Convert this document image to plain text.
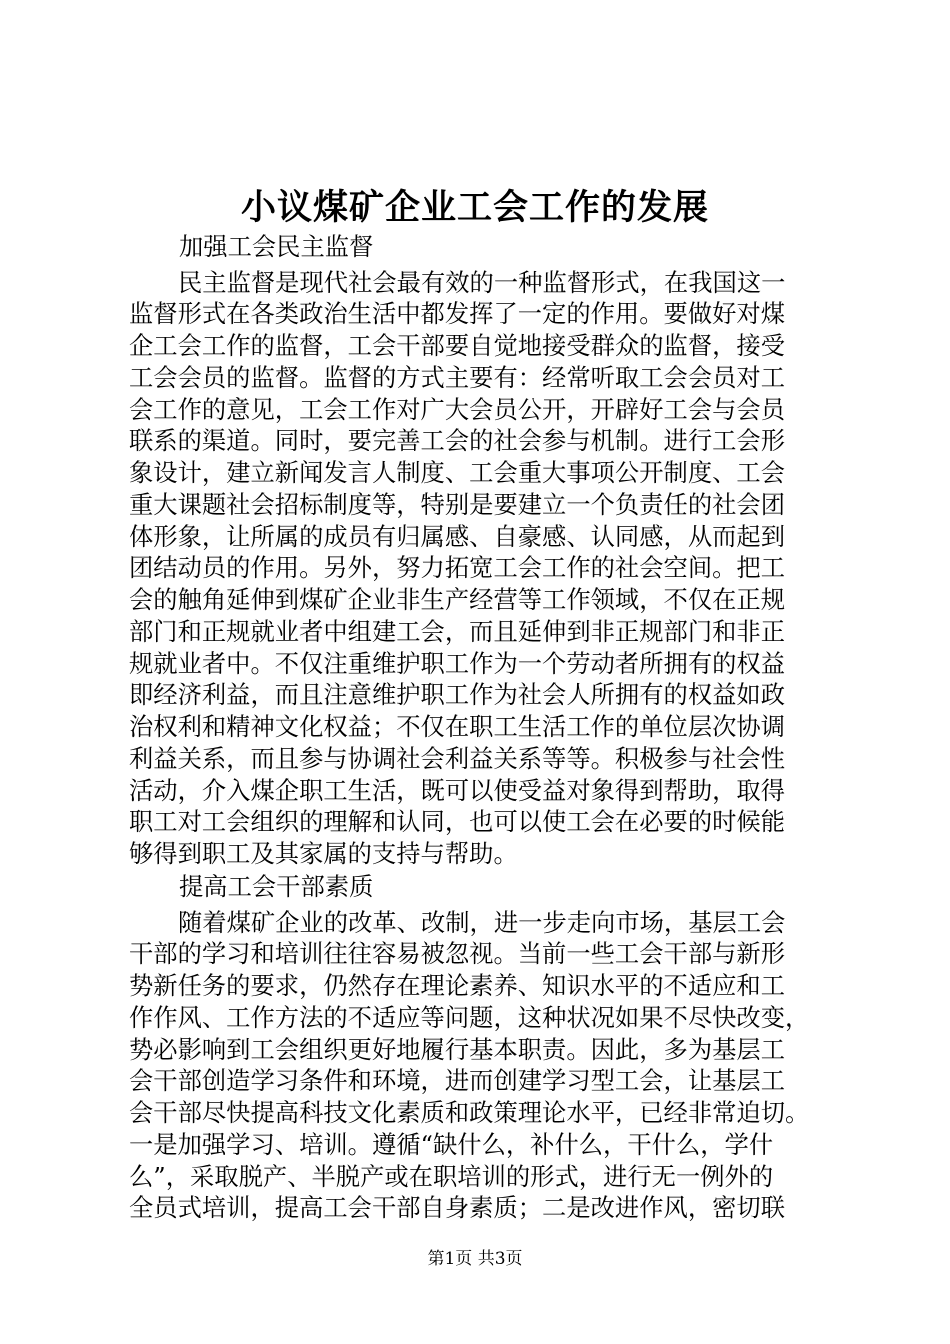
小议煤矿企业工会工作的发展
加强工会民主监督
民主监督是现代社会最有效的一种监督形式，在我国这一
监督形式在各类政治生活中都发挥了一定的作用。要做好对煤
企工会工作的监督，工会干部要自觉地接受群众的监督，接受
工会会员的监督。监督的方式主要有：经常听取工会会员对工
会工作的意见，工会工作对广大会员公开，开辟好工会与会员
联系的渠道。同时，要完善工会的社会参与机制。进行工会形
象设计，建立新闻发言人制度、工会重大事项公开制度、工会
重大课题社会招标制度等，特别是要建立一个负责任的社会团
体形象，让所属的成员有归属感、自豪感、认同感，从而起到
团结动员的作用。另外，努力拓宽工会工作的社会空间。把工
会的触角延伸到煤矿企业非生产经营等工作领域，不仅在正规
部门和正规就业者中组建工会，而且延伸到非正规部门和非正
规就业者中。不仅注重维护职工作为一个劳动者所拥有的权益
即经济利益，而且注意维护职工作为社会人所拥有的权益如政
治权利和精神文化权益；不仅在职工生活工作的单位层次协调
利益关系，而且参与协调社会利益关系等等。积极参与社会性
活动，介入煤企职工生活，既可以使受益对象得到帮助，取得
职工对工会组织的理解和认同，也可以使工会在必要的时候能
够得到职工及其家属的支持与帮助。
提高工会干部素质
随着煤矿企业的改革、改制，进一步走向市场，基层工会
干部的学习和培训往往容易被忽视。当前一些工会干部与新形
势新任务的要求，仍然存在理论素养、知识水平的不适应和工
作作风、工作方法的不适应等问题，这种状况如果不尽快改变，
势必影响到工会组织更好地履行基本职责。因此，多为基层工
会干部创造学习条件和环境，进而创建学习型工会，让基层工
会干部尽快提高科技文化素质和政策理论水平，已经非常迫切。
一是加强学习、培训。遵循“缺什么，补什么，干什么，学什
么”，采取脱产、半脱产或在职培训的形式，进行无一例外的
全员式培训，提高工会干部自身素质；二是改进作风，密切联
第1页 共3页
